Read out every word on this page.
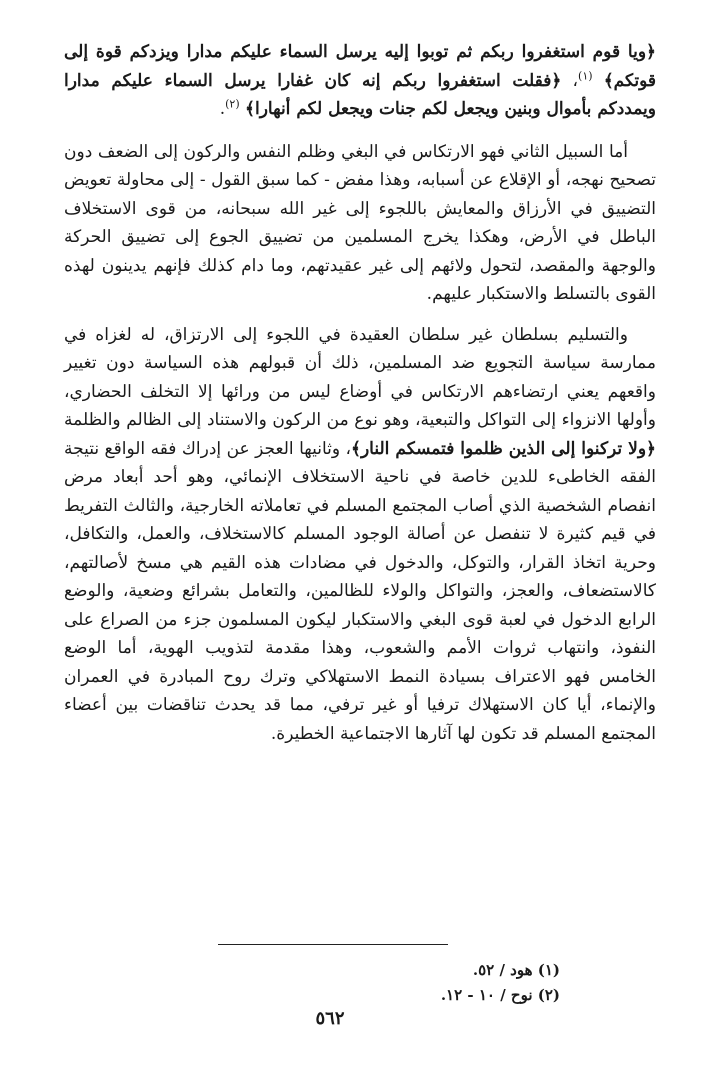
﴿ويا قوم استغفروا ربكم ثم توبوا إليه يرسل السماء عليكم مدارا ويزدكم قوة إلى قوتكم﴾ $^{(١)}$، ﴿فقلت استغفروا ربكم إنه كان غفارا يرسل السماء عليكم مدارا ويمددكم بأموال وبنين ويجعل لكم جنات ويجعل لكم أنهارا﴾ $^{(٢)}$.

أما السبيل الثاني فهو الارتكاس في البغي وظلم النفس والركون إلى الضعف دون تصحيح نهجه، أو الإقلاع عن أسبابه، وهذا مفض - كما سبق القول - إلى محاولة تعويض التضييق في الأرزاق والمعايش باللجوء إلى غير الله سبحانه، من قوى الاستخلاف الباطل في الأرض، وهكذا يخرج المسلمين من تضييق الجوع إلى تضييق الحركة والوجهة والمقصد، لتحول ولائهم إلى غير عقيدتهم، وما دام كذلك فإنهم يدينون لهذه القوى بالتسلط والاستكبار عليهم.

والتسليم بسلطان غير سلطان العقيدة في اللجوء إلى الارتزاق، له لغزاه في ممارسة سياسة التجويع ضد المسلمين، ذلك أن قبولهم هذه السياسة دون تغيير واقعهم يعني ارتضاءهم الارتكاس في أوضاع ليس من ورائها إلا التخلف الحضاري، وأولها الانزواء إلى التواكل والتبعية، وهو نوع من الركون والاستناد إلى الظالم والظلمة ﴿ولا تركنوا إلى الذين ظلموا فتمسكم النار﴾، وثانيها العجز عن إدراك فقه الواقع نتيجة الفقه الخاطىء للدين خاصة في ناحية الاستخلاف الإنمائي، وهو أحد أبعاد مرض انفصام الشخصية الذي أصاب المجتمع المسلم في تعاملاته الخارجية، والثالث التفريط في قيم كثيرة لا تنفصل عن أصالة الوجود المسلم كالاستخلاف، والعمل، والتكافل، وحرية اتخاذ القرار، والتوكل، والدخول في مضادات هذه القيم هي مسخ لأصالتهم، كالاستضعاف، والعجز، والتواكل والولاء للظالمين، والتعامل بشرائع وضعية، والوضع الرابع الدخول في لعبة قوى البغي والاستكبار ليكون المسلمون جزء من الصراع على النفوذ، وانتهاب ثروات الأمم والشعوب، وهذا مقدمة لتذويب الهوية، أما الوضع الخامس فهو الاعتراف بسيادة النمط الاستهلاكي وترك روح المبادرة في العمران والإنماء، أيا كان الاستهلاك ترفيا أو غير ترفي، مما قد يحدث تناقضات بين أعضاء المجتمع المسلم قد تكون لها آثارها الاجتماعية الخطيرة.

(١) هود / ٥٢.
(٢) نوح / ١٠ - ١٢.
٥٦٢
